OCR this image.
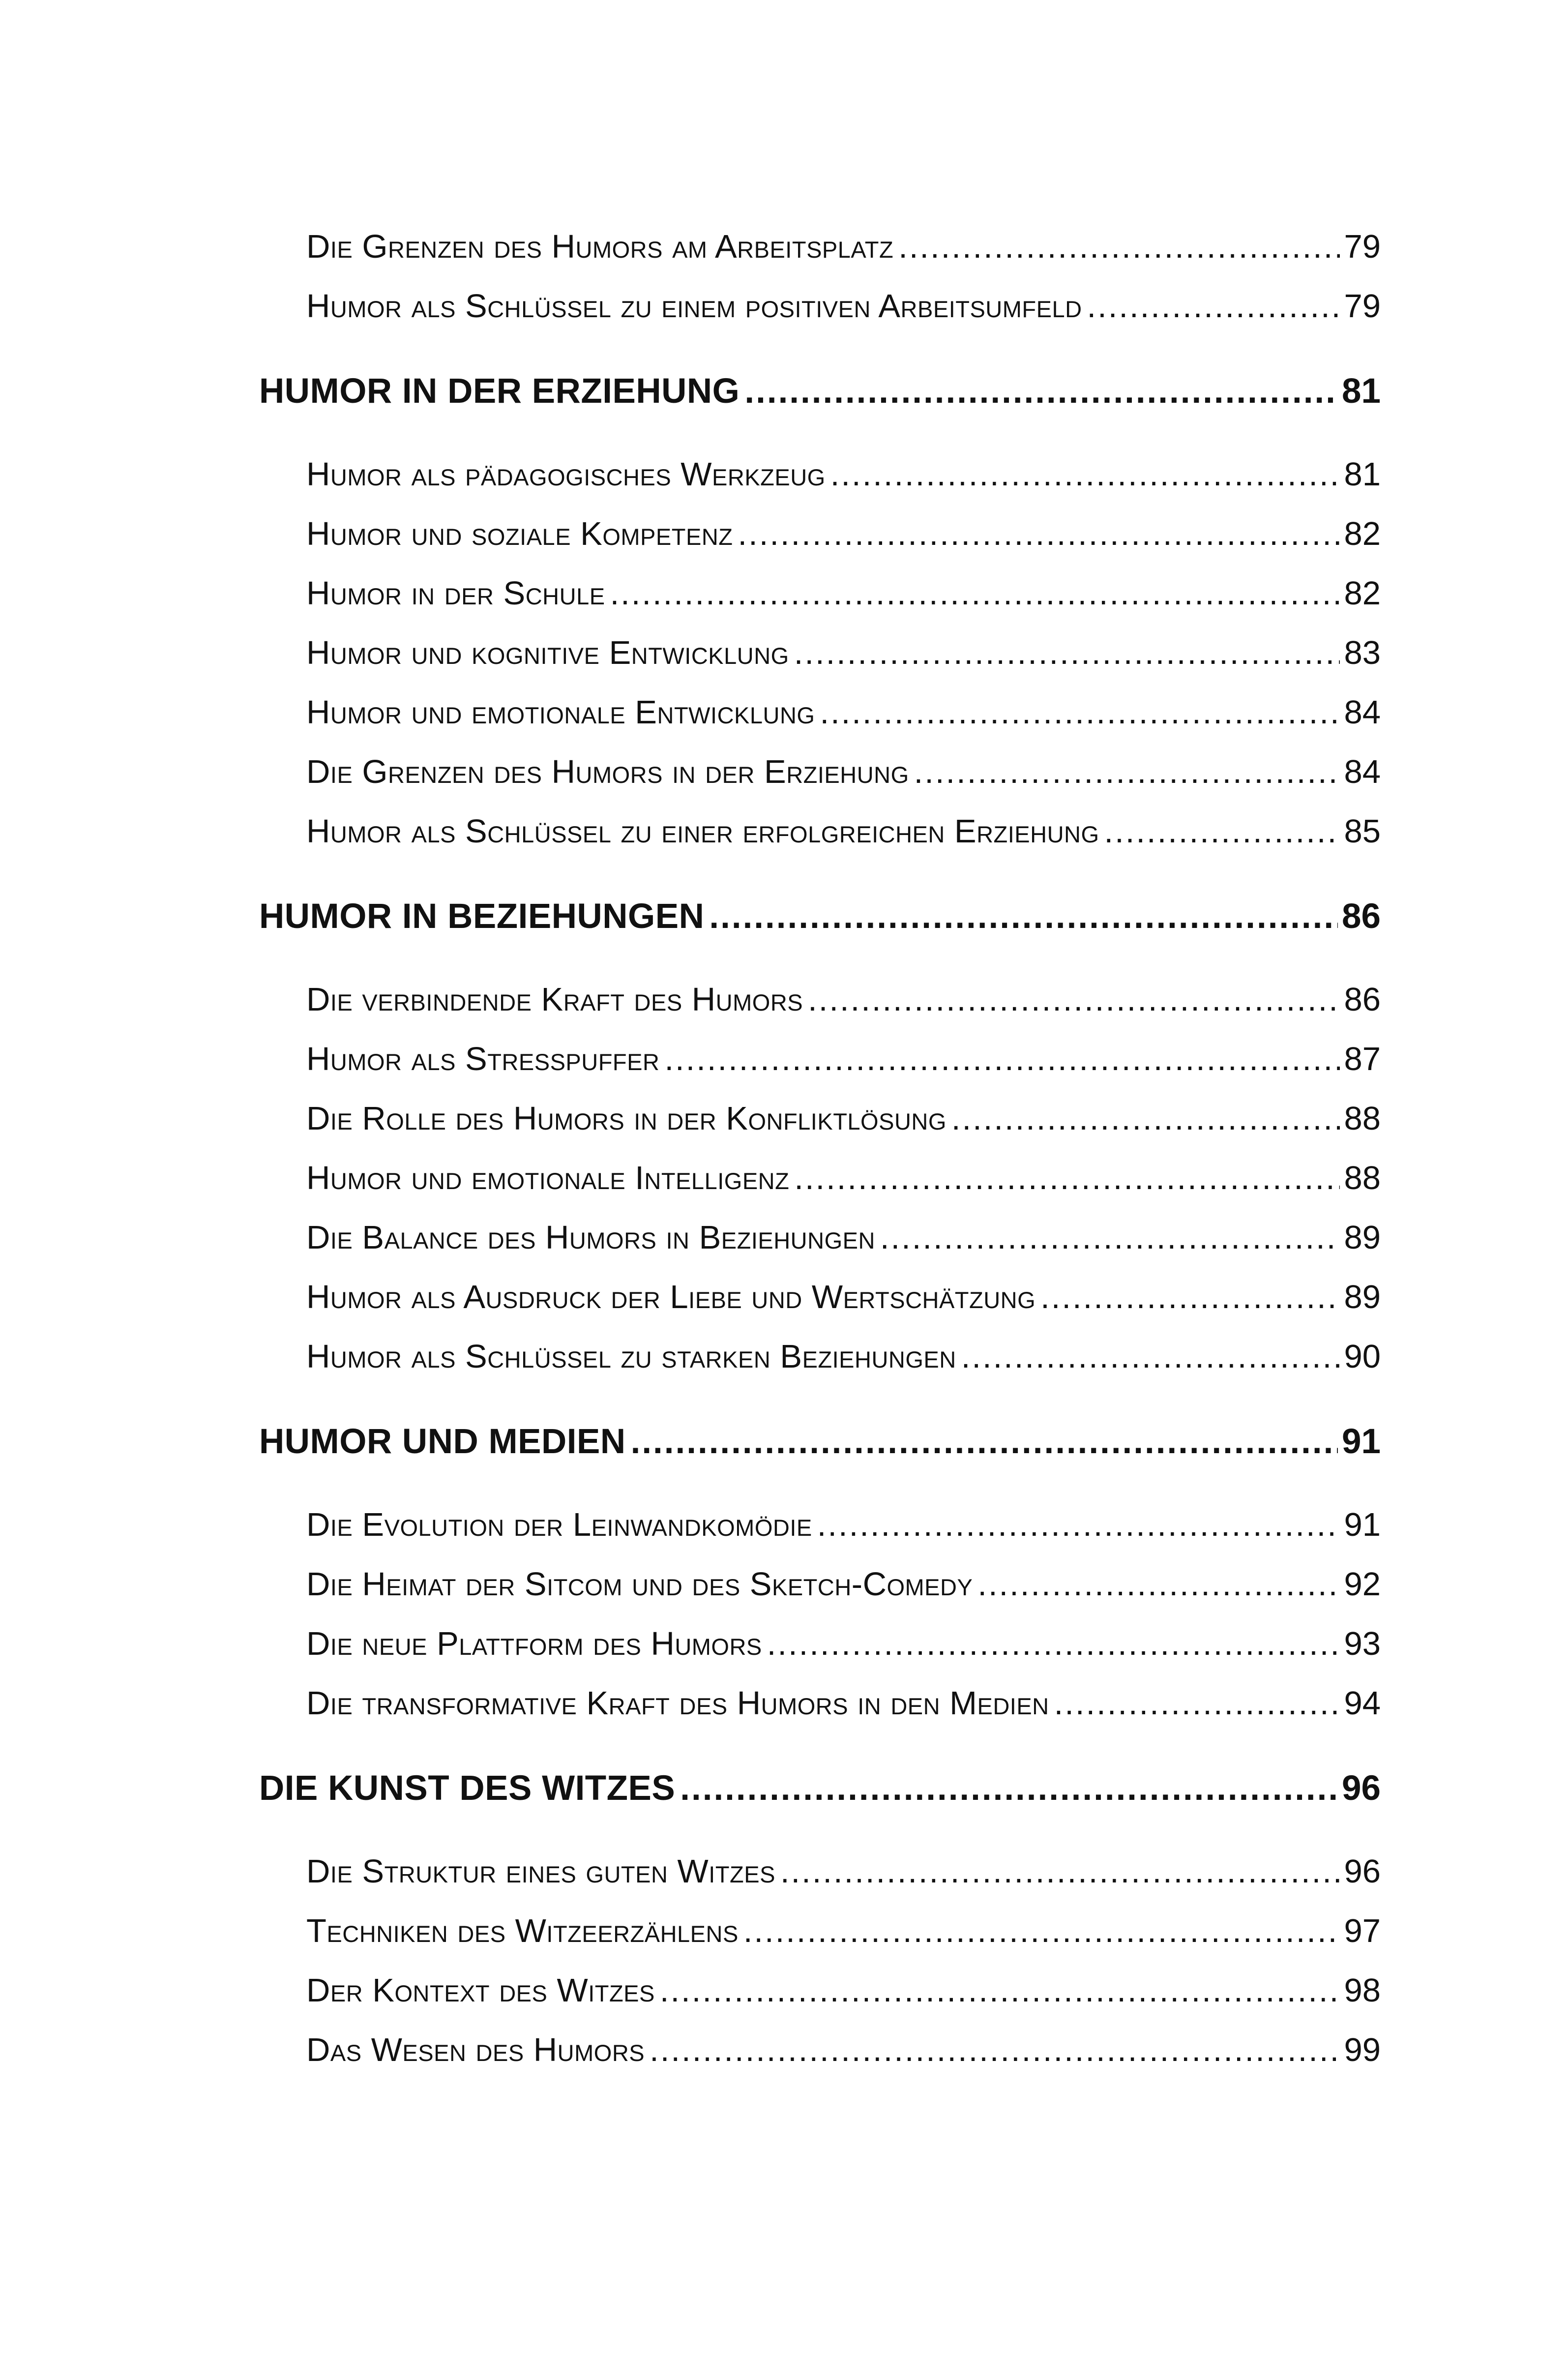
Die Grenzen des Humors am Arbeitsplatz .....	79
Humor als Schlüssel zu einem positiven Arbeitsumfeld .....	79
HUMOR IN DER ERZIEHUNG .....	81
Humor als pädagogisches Werkzeug .....	81
Humor und soziale Kompetenz .....	82
Humor in der Schule .....	82
Humor und kognitive Entwicklung .....	83
Humor und emotionale Entwicklung .....	84
Die Grenzen des Humors in der Erziehung .....	84
Humor als Schlüssel zu einer erfolgreichen Erziehung .....	85
HUMOR IN BEZIEHUNGEN .....	86
Die verbindende Kraft des Humors .....	86
Humor als Stresspuffer .....	87
Die Rolle des Humors in der Konfliktlösung .....	88
Humor und emotionale Intelligenz .....	88
Die Balance des Humors in Beziehungen .....	89
Humor als Ausdruck der Liebe und Wertschätzung .....	89
Humor als Schlüssel zu starken Beziehungen .....	90
HUMOR UND MEDIEN .....	91
Die Evolution der Leinwandkomödie .....	91
Die Heimat der Sitcom und des Sketch-Comedy .....	92
Die neue Plattform des Humors .....	93
Die transformative Kraft des Humors in den Medien .....	94
DIE KUNST DES WITZES .....	96
Die Struktur eines guten Witzes .....	96
Techniken des Witzeerzählens .....	97
Der Kontext des Witzes .....	98
Das Wesen des Humors .....	99
